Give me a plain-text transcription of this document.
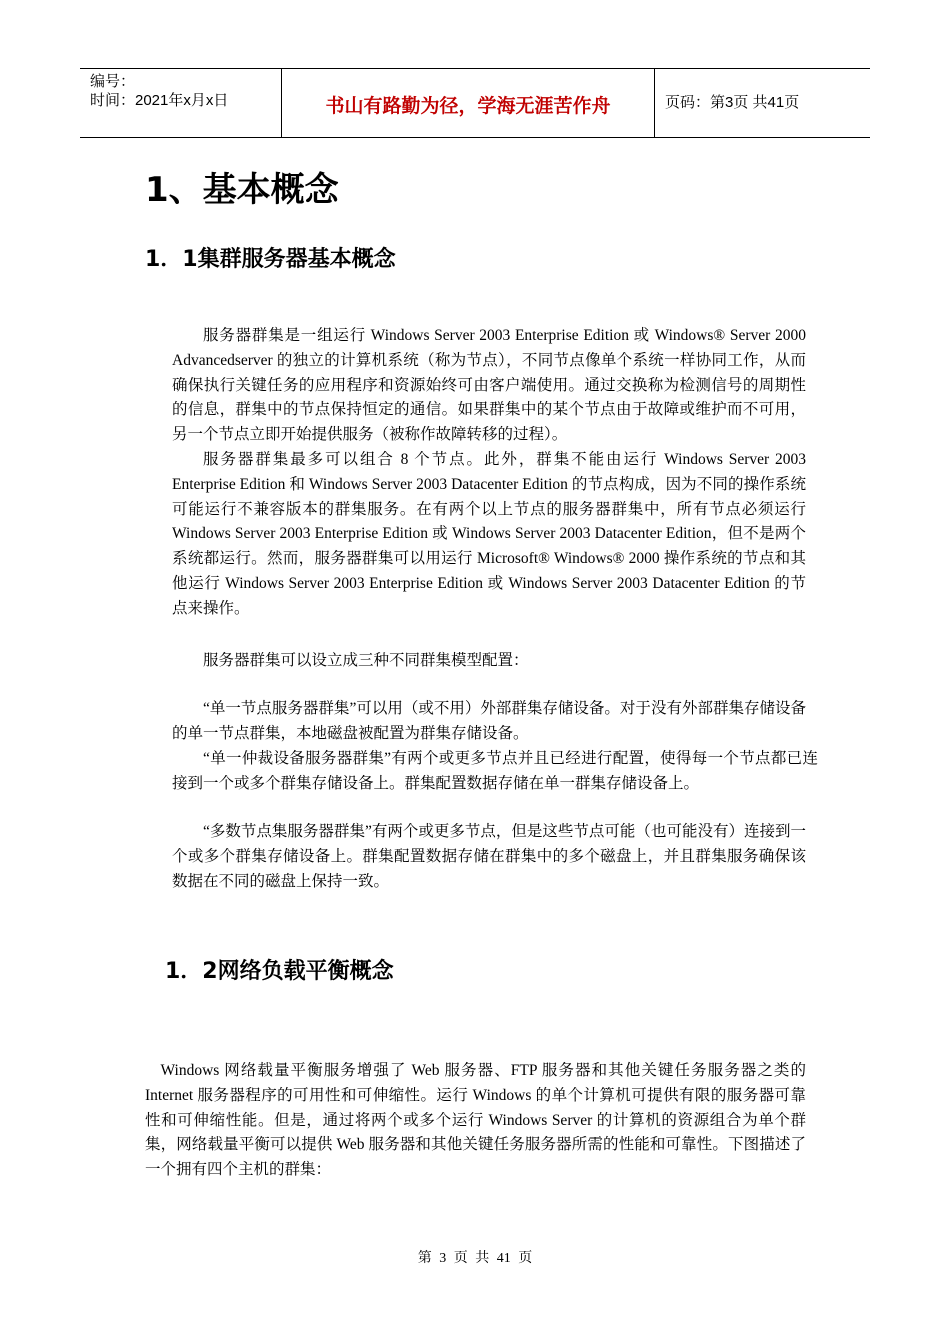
编号：
时间：2021年x月x日	书山有路勤为径，学海无涯苦作舟	页码：第3页 共41页
1、基本概念
1．1集群服务器基本概念
服务器群集是一组运行 Windows Server 2003 Enterprise Edition 或 Windows® Server 2000 Advancedserver 的独立的计算机系统（称为节点），不同节点像单个系统一样协同工作，从而确保执行关键任务的应用程序和资源始终可由客户端使用。通过交换称为检测信号的周期性的信息，群集中的节点保持恒定的通信。如果群集中的某个节点由于故障或维护而不可用，另一个节点立即开始提供服务（被称作故障转移的过程）。
服务器群集最多可以组合 8 个节点。此外，群集不能由运行 Windows Server 2003 Enterprise Edition 和 Windows Server 2003 Datacenter Edition 的节点构成，因为不同的操作系统可能运行不兼容版本的群集服务。在有两个以上节点的服务器群集中，所有节点必须运行 Windows Server 2003 Enterprise Edition 或 Windows Server 2003 Datacenter Edition，但不是两个系统都运行。然而，服务器群集可以用运行 Microsoft® Windows® 2000 操作系统的节点和其他运行 Windows Server 2003 Enterprise Edition 或 Windows Server 2003 Datacenter Edition 的节点来操作。
服务器群集可以设立成三种不同群集模型配置：
“单一节点服务器群集”可以用（或不用）外部群集存储设备。对于没有外部群集存储设备的单一节点群集，本地磁盘被配置为群集存储设备。
“单一仲裁设备服务器群集”有两个或更多节点并且已经进行配置，使得每一个节点都已连接到一个或多个群集存储设备上。群集配置数据存储在单一群集存储设备上。
“多数节点集服务器群集”有两个或更多节点，但是这些节点可能（也可能没有）连接到一个或多个群集存储设备上。群集配置数据存储在群集中的多个磁盘上，并且群集服务确保该数据在不同的磁盘上保持一致。
1．2网络负载平衡概念
Windows 网络载量平衡服务增强了 Web 服务器、FTP 服务器和其他关键任务服务器之类的 Internet 服务器程序的可用性和可伸缩性。运行 Windows 的单个计算机可提供有限的服务器可靠性和可伸缩性能。但是，通过将两个或多个运行 Windows Server 的计算机的资源组合为单个群集，网络载量平衡可以提供 Web 服务器和其他关键任务服务器所需的性能和可靠性。下图描述了一个拥有四个主机的群集：
第 3 页 共 41 页
